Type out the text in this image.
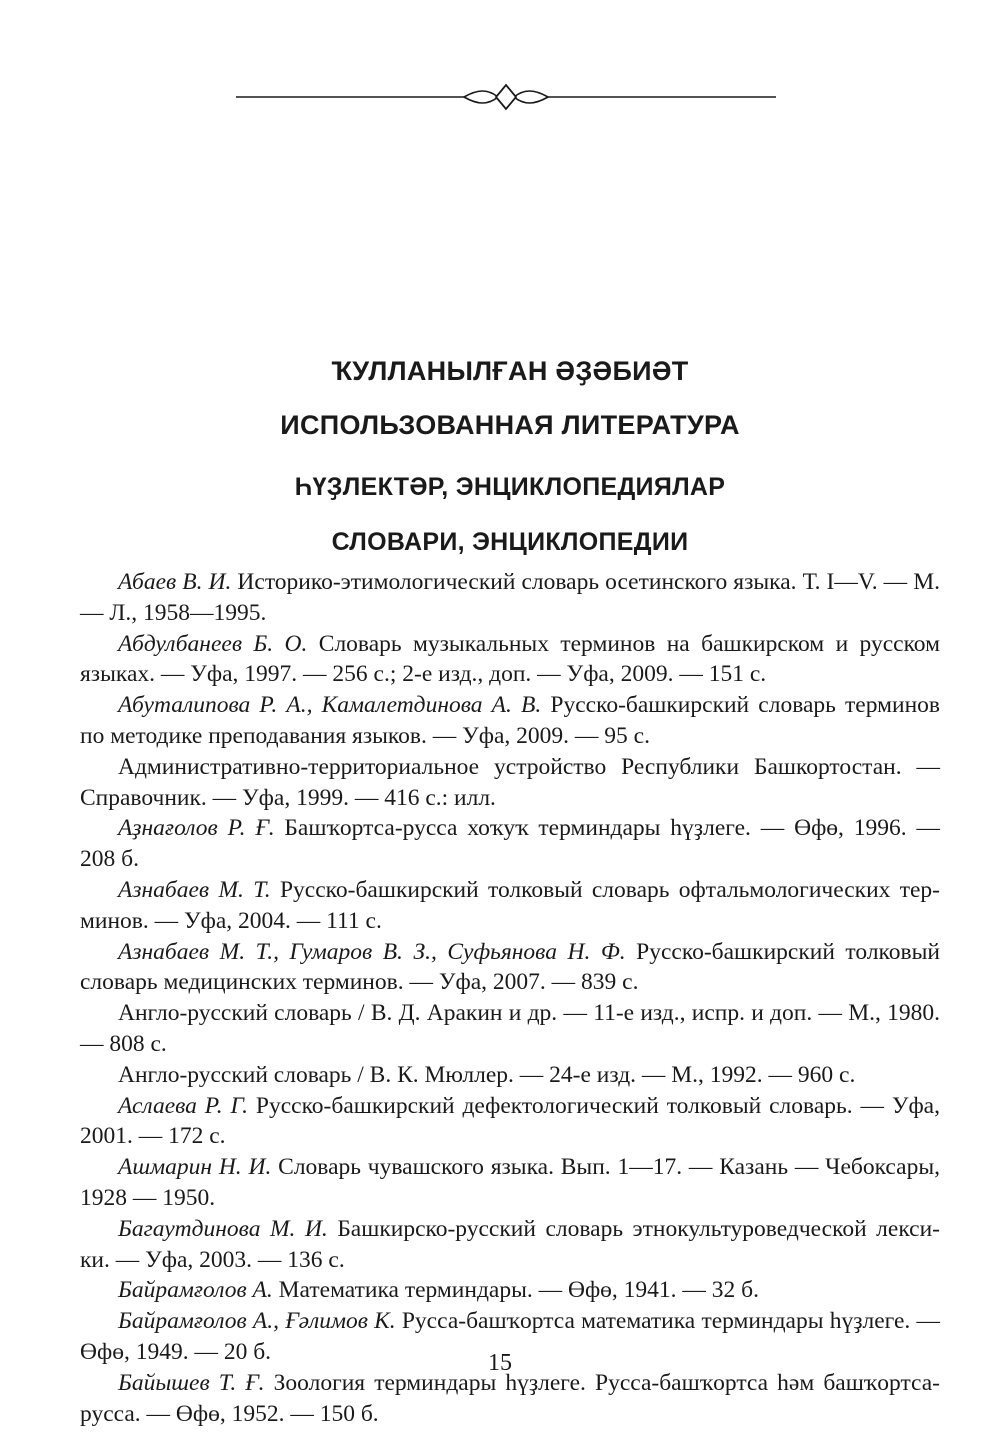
ҠУЛЛАНЫЛҒАН ӘҘӘБИӘТ
ИСПОЛЬЗОВАННАЯ ЛИТЕРАТУРА
ҺҮҘЛЕКТӘР, ЭНЦИКЛОПЕДИЯЛАР
СЛОВАРИ, ЭНЦИКЛОПЕДИИ

Абаев В. И. Историко-этимологический словарь осетинского языка. Т. I—V. — М. — Л., 1958—1995.

Абдулбанеев Б. О. Словарь музыкальных терминов на башкирском и русском языках. — Уфа, 1997. — 256 с.; 2-е изд., доп. — Уфа, 2009. — 151 с.

Абуталипова Р. А., Камалетдинова А. В. Русско-башкирский словарь терминов по методике преподавания языков. — Уфа, 2009. — 95 с.

Административно-территориальное устройство Республики Башкортостан. — Справочник. — Уфа, 1999. — 416 с.: илл.

Аҙнағолов Р. Ғ. Башҡортса-русса хоҡуҡ терминдары һүҙлеге. — Өфө, 1996. — 208 б.

Азнабаев М. Т. Русско-башкирский толковый словарь офтальмологических терминов. — Уфа, 2004. — 111 с.

Азнабаев М. Т., Гумаров В. З., Суфьянова Н. Ф. Русско-башкирский толковый словарь медицинских терминов. — Уфа, 2007. — 839 с.

Англо-русский словарь / В. Д. Аракин и др. — 11-е изд., испр. и доп. — М., 1980. — 808 с.

Англо-русский словарь / В. К. Мюллер. — 24-е изд. — М., 1992. — 960 с.

Аслаева Р. Г. Русско-башкирский дефектологический толковый словарь. — Уфа, 2001. — 172 с.

Ашмарин Н. И. Словарь чувашского языка. Вып. 1—17. — Казань — Чебоксары, 1928 — 1950.

Багаутдинова М. И. Башкирско-русский словарь этнокультуроведческой лексики. — Уфа, 2003. — 136 с.

Байрамғолов А. Математика терминдары. — Өфө, 1941. — 32 б.

Байрамғолов А., Ғәлимов К. Русса-башҡортса математика терминдары һүҙлеге. — Өфө, 1949. — 20 б.

Байышев Т. Ғ. Зоология терминдары һүҙлеге. Русса-башҡортса һәм башҡортса-русса. — Өфө, 1952. — 150 б.

15
